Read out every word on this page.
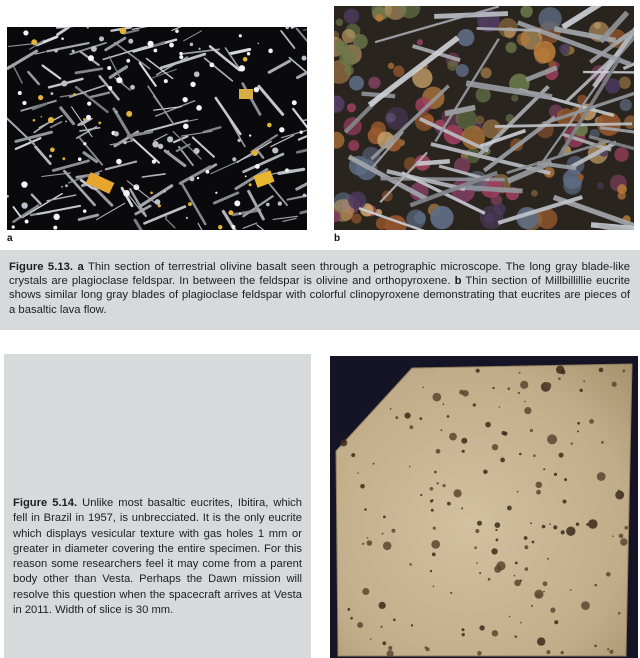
a	b

Figure 5.13. a Thin section of terrestrial olivine basalt seen through a petrographic microscope. The long gray blade-like crystals are plagioclase feldspar. In between the feldspar is olivine and orthopyroxene. b Thin section of Millbillillie eucrite shows similar long gray blades of plagioclase feldspar with colorful clinopyroxene demonstrating that eucrites are pieces of a basaltic lava flow.

Figure 5.14. Unlike most basaltic eucrites, Ibitira, which fell in Brazil in 1957, is unbrecciated. It is the only eucrite which displays vesicular texture with gas holes 1 mm or greater in diameter covering the entire specimen. For this reason some researchers feel it may come from a parent body other than Vesta. Perhaps the Dawn mission will resolve this question when the spacecraft arrives at Vesta in 2011. Width of slice is 30 mm.
